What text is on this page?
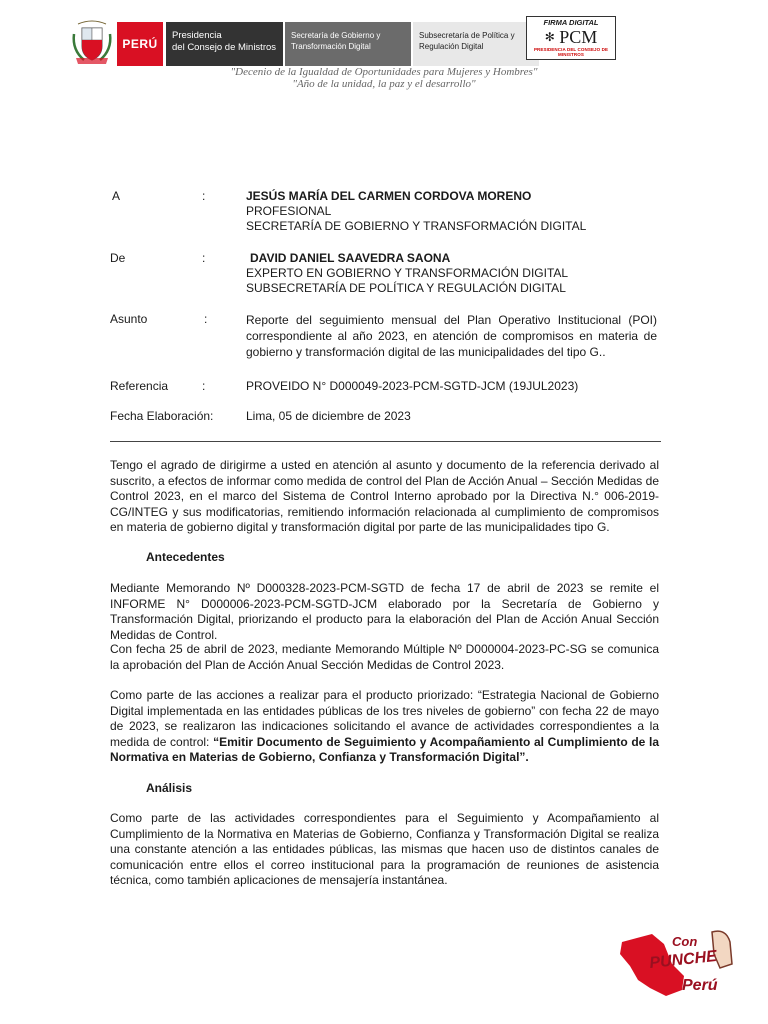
PERÚ
Presidencia
del Consejo de Ministros
Secretaría de Gobierno y
Transformación Digital
Subsecretaría de Política y
Regulación Digital
FIRMA DIGITAL
✻ PCM
PRESIDENCIA DEL CONSEJO DE MINISTROS
"Decenio de la Igualdad de Oportunidades para Mujeres y Hombres"
"Año de la unidad, la paz y el desarrollo"
A	:	JESÚS MARÍA DEL CARMEN CORDOVA MORENO
PROFESIONAL
SECRETARÍA DE GOBIERNO Y TRANSFORMACIÓN DIGITAL
De	:	DAVID DANIEL SAAVEDRA SAONA
EXPERTO EN GOBIERNO Y TRANSFORMACIÓN DIGITAL
SUBSECRETARÍA DE POLÍTICA Y REGULACIÓN DIGITAL
Asunto	:	Reporte del seguimiento mensual del Plan Operativo Institucional (POI) correspondiente al año 2023, en atención de compromisos en materia de gobierno y transformación digital de las municipalidades del tipo G..
Referencia	:	PROVEIDO N° D000049-2023-PCM-SGTD-JCM (19JUL2023)
Fecha Elaboración:	Lima, 05 de diciembre de 2023
Tengo el agrado de dirigirme a usted en atención al asunto y documento de la referencia derivado al suscrito, a efectos de informar como medida de control del Plan de Acción Anual – Sección Medidas de Control 2023, en el marco del Sistema de Control Interno aprobado por la Directiva N.° 006-2019-CG/INTEG y sus modificatorias, remitiendo información relacionada al cumplimiento de compromisos en materia de gobierno digital y transformación digital por parte de las municipalidades tipo G.
Antecedentes
Mediante Memorando Nº D000328-2023-PCM-SGTD de fecha 17 de abril de 2023 se remite el INFORME N° D000006-2023-PCM-SGTD-JCM elaborado por la Secretaría de Gobierno y Transformación Digital, priorizando el producto para la elaboración del Plan de Acción Anual Sección Medidas de Control.
Con fecha 25 de abril de 2023, mediante Memorando Múltiple Nº D000004-2023-PC-SG se comunica la aprobación del Plan de Acción Anual Sección Medidas de Control 2023.
Como parte de las acciones a realizar para el producto priorizado: “Estrategia Nacional de Gobierno Digital implementada en las entidades públicas de los tres niveles de gobierno” con fecha 22 de mayo de 2023, se realizaron las indicaciones solicitando el avance de actividades correspondientes a la medida de control: “Emitir Documento de Seguimiento y Acompañamiento al Cumplimiento de la Normativa en Materias de Gobierno, Confianza y Transformación Digital”.
Análisis
Como parte de las actividades correspondientes para el Seguimiento y Acompañamiento al Cumplimiento de la Normativa en Materias de Gobierno, Confianza y Transformación Digital se realiza una constante atención a las entidades públicas, las mismas que hacen uso de distintos canales de comunicación entre ellos el correo institucional para la programación de reuniones de asistencia técnica, como también aplicaciones de mensajería instantánea.
Con
PUNCHE
Perú
